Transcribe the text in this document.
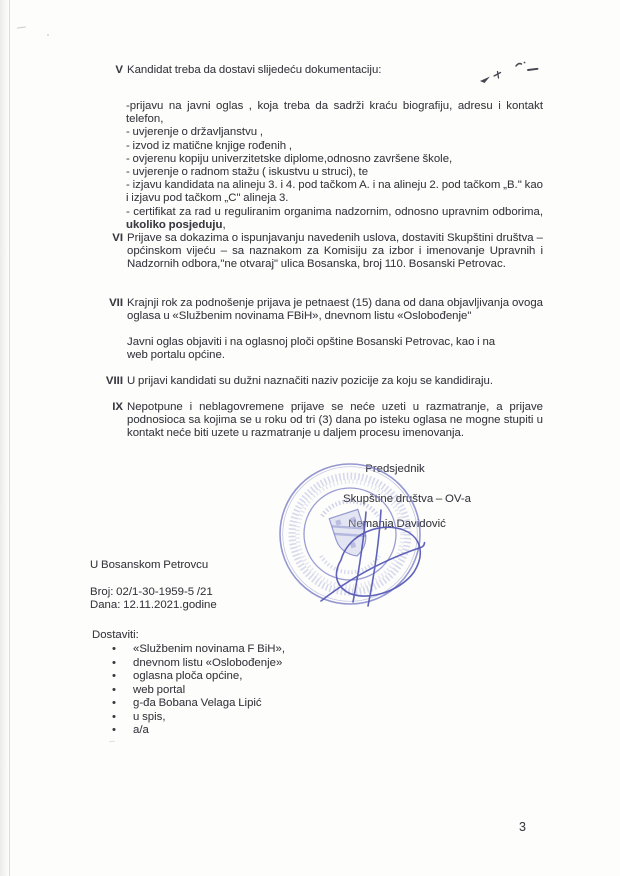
V Kandidat treba da dostavi slijedeću dokumentaciju:
-prijavu na javni oglas , koja treba da sadrži kraću biografiju, adresu i kontakt telefon,
- uvjerenje o državljanstvu ,
- izvod iz matične knjige rođenih ,
- ovjerenu kopiju univerzitetske diplome,odnosno završene škole,
- uvjerenje o radnom stažu ( iskustvu u struci), te
- izjavu kandidata na alineju 3. i 4. pod tačkom A. i na alineju 2. pod tačkom „B." kao i izjavu pod tačkom „C" alineja 3.
- certifikat za rad u reguliranim organima nadzornim, odnosno upravnim odborima, ukoliko posjeduju,
VI Prijave sa dokazima o ispunjavanju navedenih uslova, dostaviti Skupštini društva – općinskom vijeću – sa naznakom za Komisiju za izbor i imenovanje Upravnih i Nadzornih odbora,"ne otvaraj" ulica Bosanska, broj 110. Bosanski Petrovac.
VII Krajnji rok za podnošenje prijava je petnaest (15) dana od dana objavljivanja ovoga oglasa u «Službenim novinama FBiH», dnevnom listu «Oslobođenje"
Javni oglas objaviti i na oglasnoj ploči opštine Bosanski Petrovac, kao i na
web portalu općine.
VIII U prijavi kandidati su dužni naznačiti naziv pozicije za koju se kandidiraju.
IX Nepotpune i neblagovremene prijave se neće uzeti u razmatranje, a prijave podnosioca sa kojima se u roku od tri (3) dana po isteku oglasa ne mogne stupiti u kontakt neće biti uzete u razmatranje u daljem procesu imenovanja.
Predsjednik
Skupštine društva – OV-a
Nemanja Davidović
U Bosanskom Petrovcu
Broj: 02/1-30-1959-5 /21
Dana: 12.11.2021.godine
Dostaviti:
•	«Službenim novinama F BiH»,
•	dnevnom listu «Oslobođenje»
•	oglasna ploča općine,
•	web portal
•	g-đa Bobana Velaga Lipić
•	u spis,
•	a/a
3
